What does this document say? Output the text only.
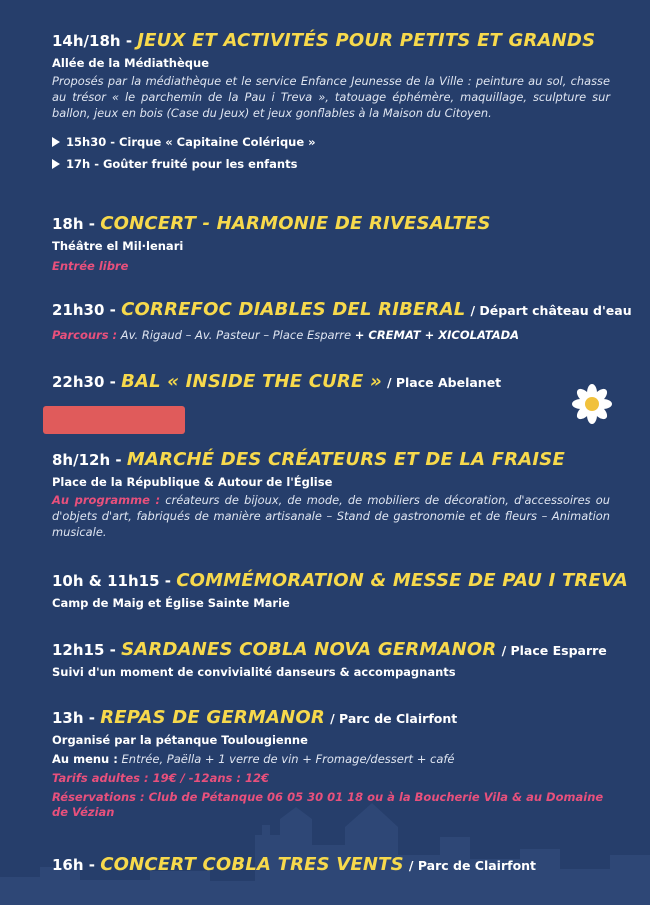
14h/18h - JEUX ET ACTIVITÉS POUR PETITS ET GRANDS
Allée de la Médiathèque
Proposés par la médiathèque et le service Enfance Jeunesse de la Ville : peinture au sol, chasse au trésor « le parchemin de la Pau i Treva », tatouage éphémère, maquillage, sculpture sur ballon, jeux en bois (Case du Jeux) et jeux gonflables à la Maison du Citoyen.
15h30 - Cirque « Capitaine Colérique »
17h - Goûter fruité pour les enfants
18h - CONCERT - HARMONIE DE RIVESALTES
Théâtre el Mil·lenari
Entrée libre
21h30 - CORREFOC DIABLES DEL RIBERAL / Départ château d'eau
Parcours : Av. Rigaud – Av. Pasteur – Place Esparre + CREMAT + XICOLATADA
22h30 - BAL « INSIDE THE CURE » / Place Abelanet
8h/12h - MARCHÉ DES CRÉATEURS ET DE LA FRAISE
Place de la République & Autour de l'Église
Au programme : créateurs de bijoux, de mode, de mobiliers de décoration, d'accessoires ou d'objets d'art, fabriqués de manière artisanale – Stand de gastronomie et de fleurs – Animation musicale.
10h & 11h15 - COMMÉMORATION & MESSE DE PAU I TREVA
Camp de Maig et Église Sainte Marie
12h15 - SARDANES COBLA NOVA GERMANOR / Place Esparre
Suivi d'un moment de convivialité danseurs & accompagnants
13h - REPAS DE GERMANOR / Parc de Clairfont
Organisé par la pétanque Toulougienne
Au menu : Entrée, Paëlla + 1 verre de vin + Fromage/dessert + café
Tarifs adultes : 19€ / -12ans : 12€
Réservations : Club de Pétanque 06 05 30 01 18 ou à la Boucherie Vila & au Domaine de Vézian
16h - CONCERT COBLA TRES VENTS / Parc de Clairfont
